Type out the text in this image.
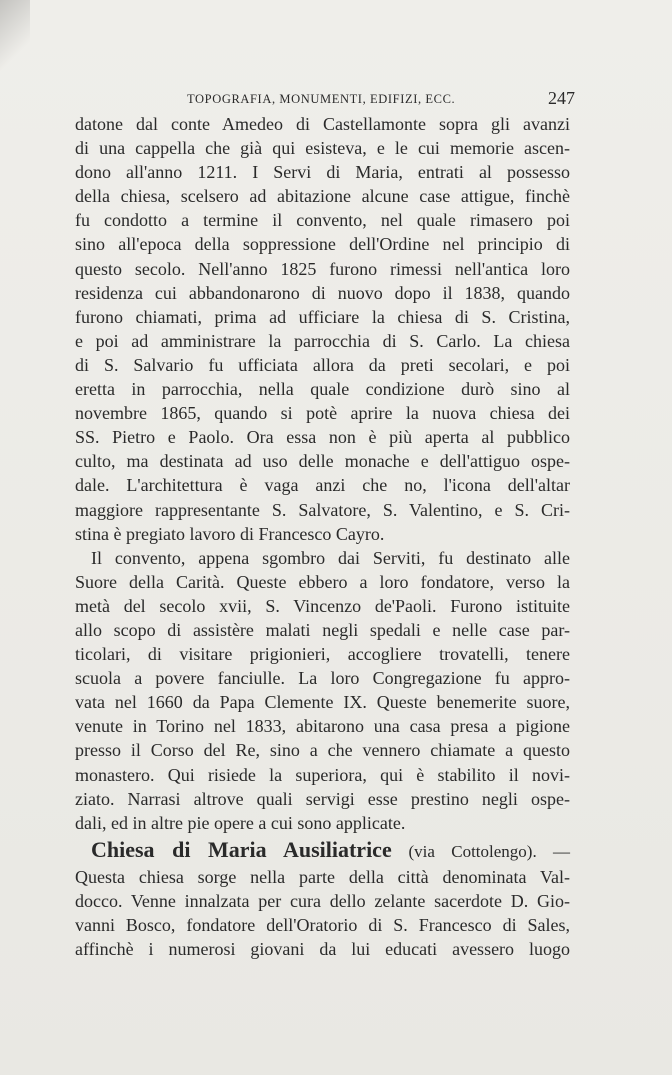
TOPOGRAFIA, MONUMENTI, EDIFIZI, ECC.	247
datone dal conte Amedeo di Castellamonte sopra gli avanzi
di una cappella che già qui esisteva, e le cui memorie ascen-
dono all'anno 1211. I Servi di Maria, entrati al possesso
della chiesa, scelsero ad abitazione alcune case attigue, finchè
fu condotto a termine il convento, nel quale rimasero poi
sino all'epoca della soppressione dell'Ordine nel principio di
questo secolo. Nell'anno 1825 furono rimessi nell'antica loro
residenza cui abbandonarono di nuovo dopo il 1838, quando
furono chiamati, prima ad ufficiare la chiesa di S. Cristina,
e poi ad amministrare la parrocchia di S. Carlo. La chiesa
di S. Salvario fu ufficiata allora da preti secolari, e poi
eretta in parrocchia, nella quale condizione durò sino al
novembre 1865, quando si potè aprire la nuova chiesa dei
SS. Pietro e Paolo. Ora essa non è più aperta al pubblico
culto, ma destinata ad uso delle monache e dell'attiguo ospe-
dale. L'architettura è vaga anzi che no, l'icona dell'altar
maggiore rappresentante S. Salvatore, S. Valentino, e S. Cri-
stina è pregiato lavoro di Francesco Cayro.
Il convento, appena sgombro dai Serviti, fu destinato alle
Suore della Carità. Queste ebbero a loro fondatore, verso la
metà del secolo xvii, S. Vincenzo de'Paoli. Furono istituite
allo scopo di assistère malati negli spedali e nelle case par-
ticolari, di visitare prigionieri, accogliere trovatelli, tenere
scuola a povere fanciulle. La loro Congregazione fu appro-
vata nel 1660 da Papa Clemente IX. Queste benemerite suore,
venute in Torino nel 1833, abitarono una casa presa a pigione
presso il Corso del Re, sino a che vennero chiamate a questo
monastero. Qui risiede la superiora, qui è stabilito il novi-
ziato. Narrasi altrove quali servigi esse prestino negli ospe-
dali, ed in altre pie opere a cui sono applicate.
Chiesa di Maria Ausiliatrice (via Cottolengo). —
Questa chiesa sorge nella parte della città denominata Val-
docco. Venne innalzata per cura dello zelante sacerdote D. Gio-
vanni Bosco, fondatore dell'Oratorio di S. Francesco di Sales,
affinchè i numerosi giovani da lui educati avessero luogo
